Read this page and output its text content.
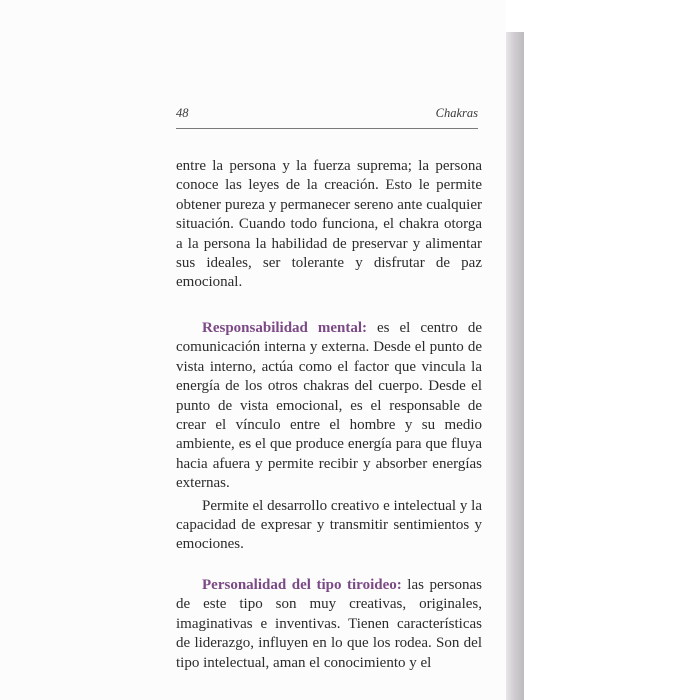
48	Chakras

entre la persona y la fuerza suprema; la persona conoce las leyes de la creación. Esto le permite obtener pureza y permanecer sereno ante cualquier situación. Cuando todo funciona, el chakra otorga a la persona la habilidad de preservar y alimentar sus ideales, ser tolerante y disfrutar de paz emocional.

Responsabilidad mental: es el centro de comunicación interna y externa. Desde el punto de vista interno, actúa como el factor que vincula la energía de los otros chakras del cuerpo. Desde el punto de vista emocional, es el responsable de crear el vínculo entre el hombre y su medio ambiente, es el que produce energía para que fluya hacia afuera y permite recibir y absorber energías externas.

Permite el desarrollo creativo e intelectual y la capacidad de expresar y transmitir sentimientos y emociones.

Personalidad del tipo tiroideo: las personas de este tipo son muy creativas, originales, imaginativas e inventivas. Tienen características de liderazgo, influyen en lo que los rodea. Son del tipo intelectual, aman el conocimiento y el
